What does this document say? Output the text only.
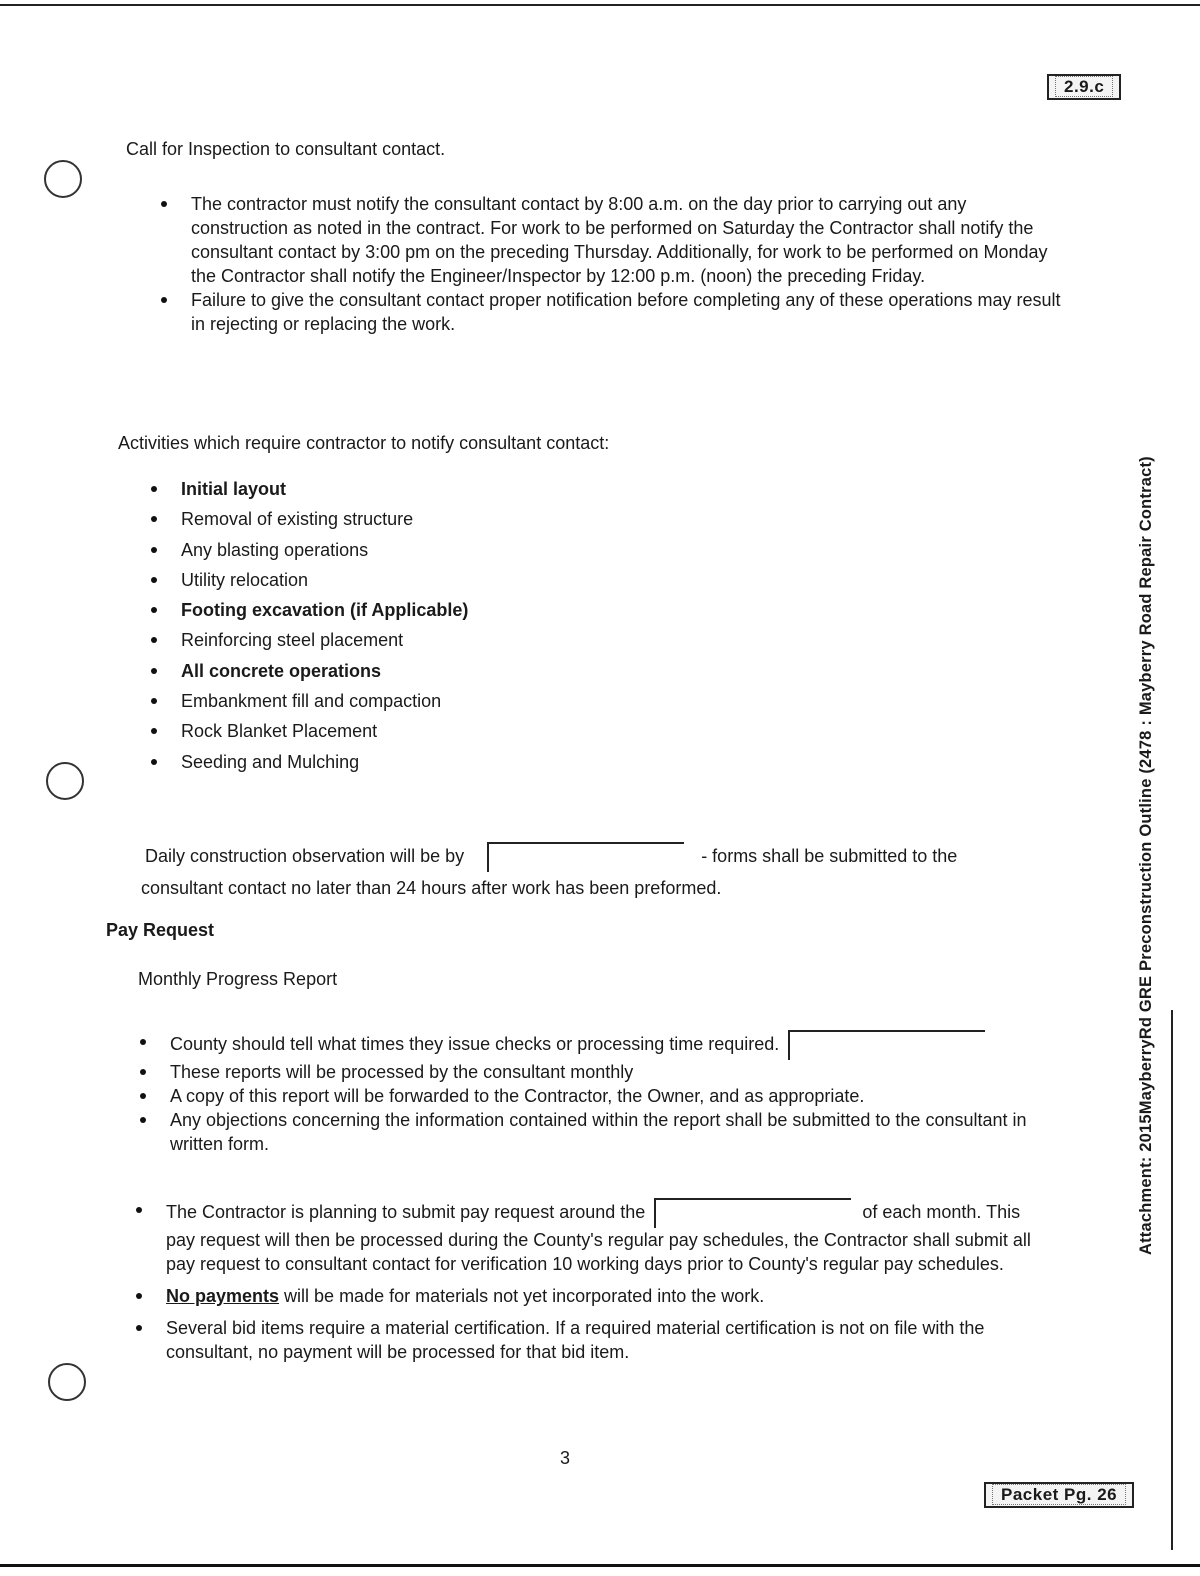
2.9.c
Call for Inspection to consultant contact.
The contractor must notify the consultant contact by 8:00 a.m. on the day prior to carrying out any construction as noted in the contract. For work to be performed on Saturday the Contractor shall notify the consultant contact by 3:00 pm on the preceding Thursday. Additionally, for work to be performed on Monday the Contractor shall notify the Engineer/Inspector by 12:00 p.m. (noon) the preceding Friday.
Failure to give the consultant contact proper notification before completing any of these operations may result in rejecting or replacing the work.
Activities which require contractor to notify consultant contact:
Initial layout
Removal of existing structure
Any blasting operations
Utility relocation
Footing excavation (if Applicable)
Reinforcing steel placement
All concrete operations
Embankment fill and compaction
Rock Blanket Placement
Seeding and Mulching
Daily construction observation will be by	- forms shall be submitted to the
consultant contact no later than 24 hours after work has been preformed.
Pay Request
Monthly Progress Report
County should tell what times they issue checks or processing time required.
These reports will be processed by the consultant monthly
A copy of this report will be forwarded to the Contractor, the Owner, and as appropriate.
Any objections concerning the information contained within the report shall be submitted to the consultant in written form.
The Contractor is planning to submit pay request around the	of each month. This pay request will then be processed during the County's regular pay schedules, the Contractor shall submit all pay request to consultant contact for verification 10 working days prior to County's regular pay schedules.
No payments will be made for materials not yet incorporated into the work.
Several bid items require a material certification. If a required material certification is not on file with the consultant, no payment will be processed for that bid item.
3
Attachment: 2015MayberryRd GRE Preconstruction Outline (2478 : Mayberry Road Repair Contract)
Packet Pg. 26
